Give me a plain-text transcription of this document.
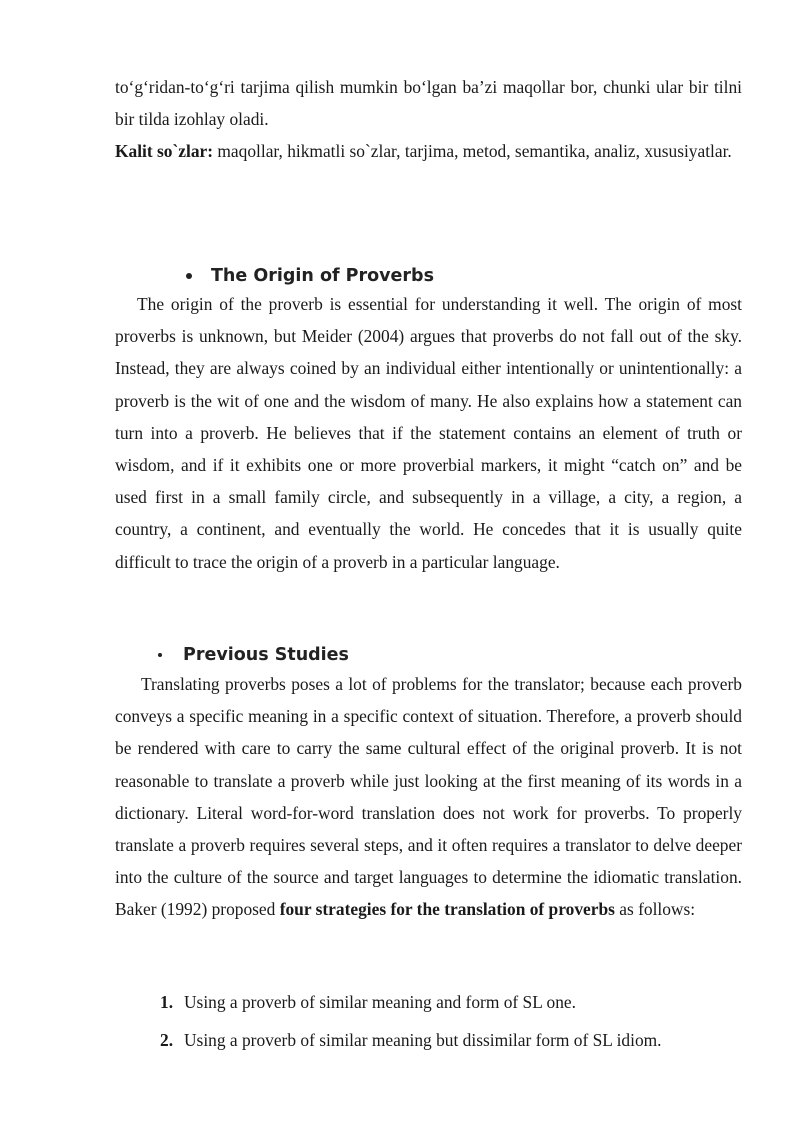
to‘g‘ridan-to‘g‘ri tarjima qilish mumkin bo‘lgan ba’zi maqollar bor, chunki ular bir tilni bir tilda izohlay oladi.

Kalit so`zlar: maqollar, hikmatli so`zlar, tarjima, metod, semantika, analiz, xususiyatlar.

The Origin of Proverbs

The origin of the proverb is essential for understanding it well. The origin of most proverbs is unknown, but Meider (2004) argues that proverbs do not fall out of the sky. Instead, they are always coined by an individual either intentionally or unintentionally: a proverb is the wit of one and the wisdom of many. He also explains how a statement can turn into a proverb. He believes that if the statement contains an element of truth or wisdom, and if it exhibits one or more proverbial markers, it might “catch on” and be used first in a small family circle, and subsequently in a village, a city, a region, a country, a continent, and eventually the world. He concedes that it is usually quite difficult to trace the origin of a proverb in a particular language.

Previous Studies

Translating proverbs poses a lot of problems for the translator; because each proverb conveys a specific meaning in a specific context of situation. Therefore, a proverb should be rendered with care to carry the same cultural effect of the original proverb. It is not reasonable to translate a proverb while just looking at the first meaning of its words in a dictionary. Literal word-for-word translation does not work for proverbs. To properly translate a proverb requires several steps, and it often requires a translator to delve deeper into the culture of the source and target languages to determine the idiomatic translation. Baker (1992) proposed four strategies for the translation of proverbs as follows:

1. Using a proverb of similar meaning and form of SL one.
2. Using a proverb of similar meaning but dissimilar form of SL idiom.
